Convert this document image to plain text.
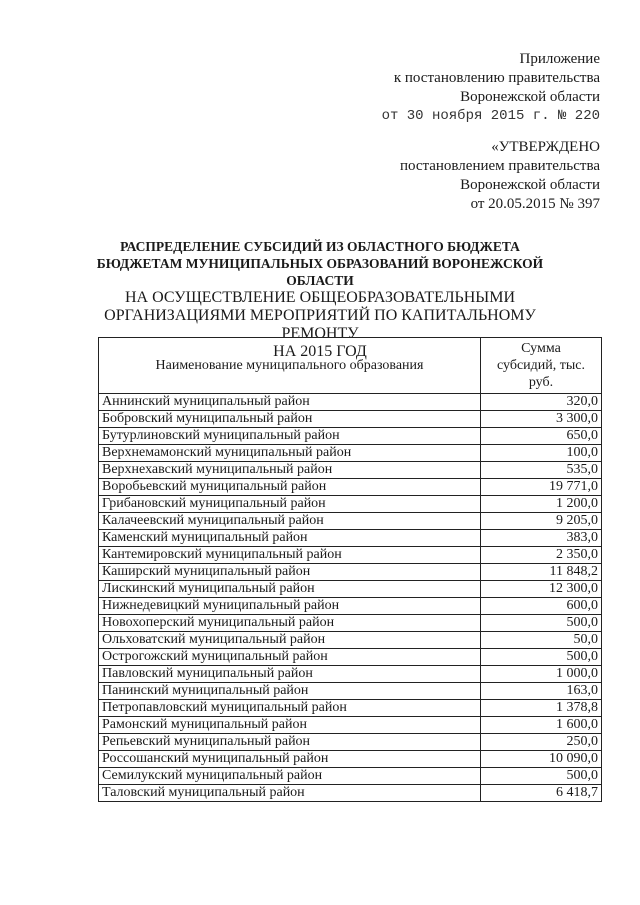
Приложение
к постановлению правительства
Воронежской области
от 30 ноября 2015 г. № 220
«УТВЕРЖДЕНО
постановлением правительства
Воронежской области
от 20.05.2015 № 397
РАСПРЕДЕЛЕНИЕ СУБСИДИЙ ИЗ ОБЛАСТНОГО БЮДЖЕТА
БЮДЖЕТАМ МУНИЦИПАЛЬНЫХ ОБРАЗОВАНИЙ ВОРОНЕЖСКОЙ ОБЛАСТИ
НА ОСУЩЕСТВЛЕНИЕ ОБЩЕОБРАЗОВАТЕЛЬНЫМИ
ОРГАНИЗАЦИЯМИ МЕРОПРИЯТИЙ ПО КАПИТАЛЬНОМУ РЕМОНТУ
НА 2015 ГОД
Наименование муниципального образования	Сумма
субсидий, тыс.
руб.

Аннинский муниципальный район	320,0
Бобровский муниципальный район	3 300,0
Бутурлиновский муниципальный район	650,0
Верхнемамонский муниципальный район	100,0
Верхнехавский муниципальный район	535,0
Воробьевский муниципальный район	19 771,0
Грибановский муниципальный район	1 200,0
Калачеевский муниципальный район	9 205,0
Каменский муниципальный район	383,0
Кантемировский муниципальный район	2 350,0
Каширский муниципальный район	11 848,2
Лискинский муниципальный район	12 300,0
Нижнедевицкий муниципальный район	600,0
Новохоперский муниципальный район	500,0
Ольховатский муниципальный район	50,0
Острогожский муниципальный район	500,0
Павловский муниципальный район	1 000,0
Панинский муниципальный район	163,0
Петропавловский муниципальный район	1 378,8
Рамонский муниципальный район	1 600,0
Репьевский муниципальный район	250,0
Россошанский муниципальный район	10 090,0
Семилукский муниципальный район	500,0
Таловский муниципальный район	6 418,7
